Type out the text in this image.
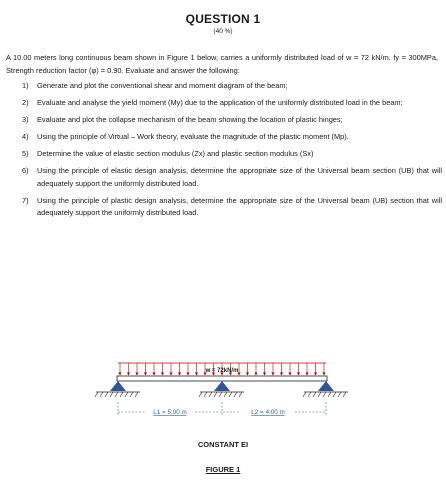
QUESTION 1
(40 %)
A 10.00 meters long continuous beam shown in Figure 1 below, carries a uniformly distributed load of w = 72 kN/m. fy = 300MPa, Strength reduction factor (φ) = 0.90. Evaluate and answer the following:
1) Generate and plot the conventional shear and moment diagram of the beam;
2) Evaluate and analyse the yield moment (My) due to the application of the uniformly distributed load in the beam;
3) Evaluate and plot the collapse mechanism of the beam showing the location of plastic hinges;
4) Using the principle of Virtual – Work theory, evaluate the magnitude of the plastic moment (Mp).
5) Determine the value of elastic section modulus (Zx) and plastic section modulus (Sx)
6) Using the principle of elastic design analysis, determine the appropriate size of the Universal beam section (UB) that will adequately support the uniformly distributed load.
7) Using the principle of plastic design analysis, determine the appropriate size of the Universal beam (UB) section that will adequately support the uniformly distributed load.
w = 72kN/m
L1 = 5.00 m	L2 = 4.00 m
CONSTANT EI
FIGURE 1
